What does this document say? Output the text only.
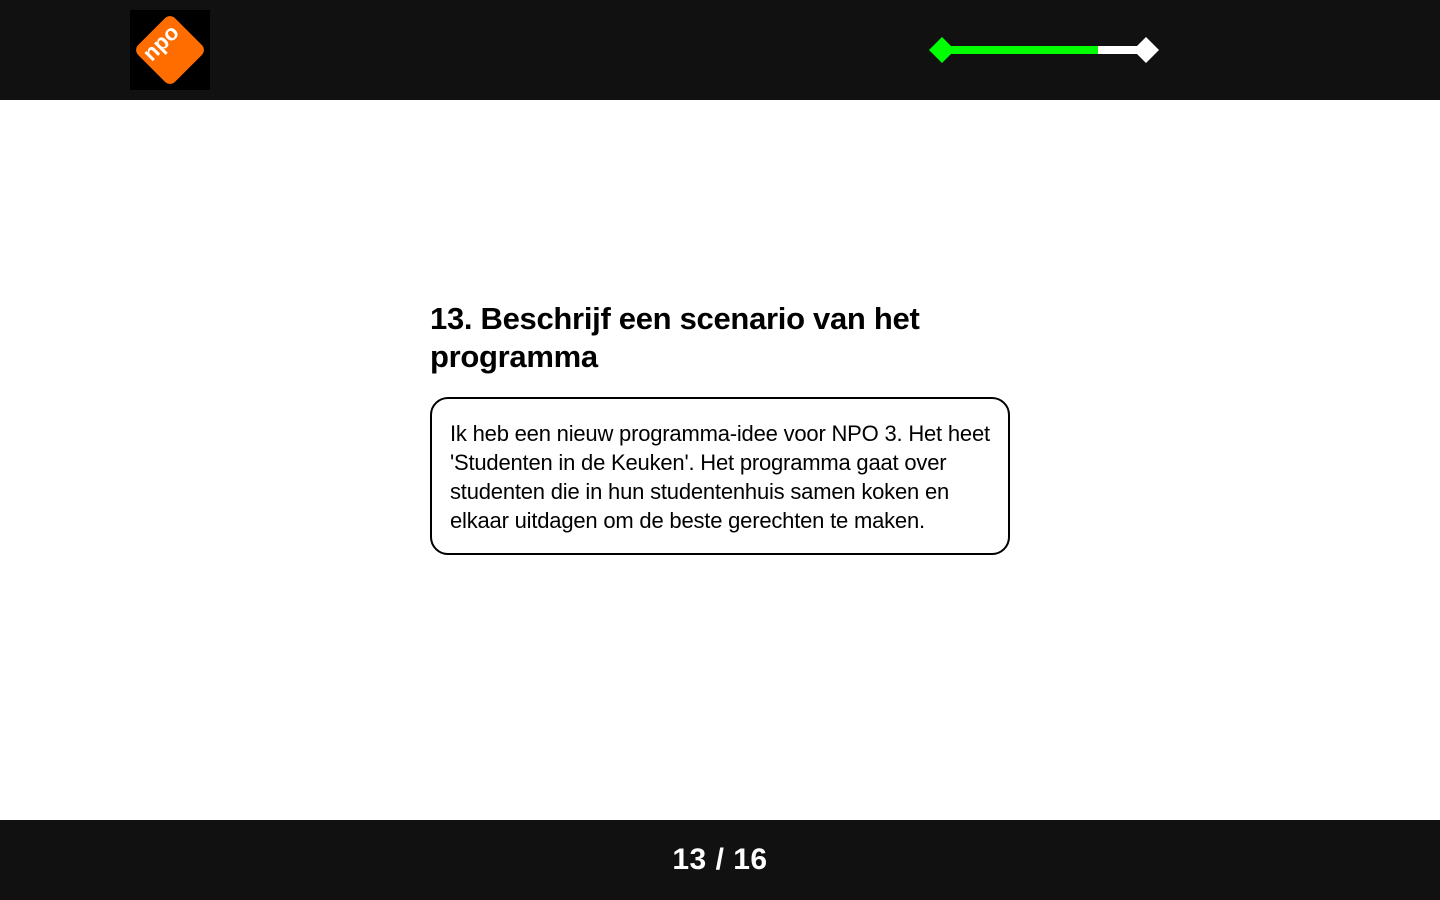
npo
13. Beschrijf een scenario van het programma
Ik heb een nieuw programma-idee voor NPO 3. Het heet 'Studenten in de Keuken'. Het programma gaat over studenten die in hun studentenhuis samen koken en elkaar uitdagen om de beste gerechten te maken.
13 / 16
